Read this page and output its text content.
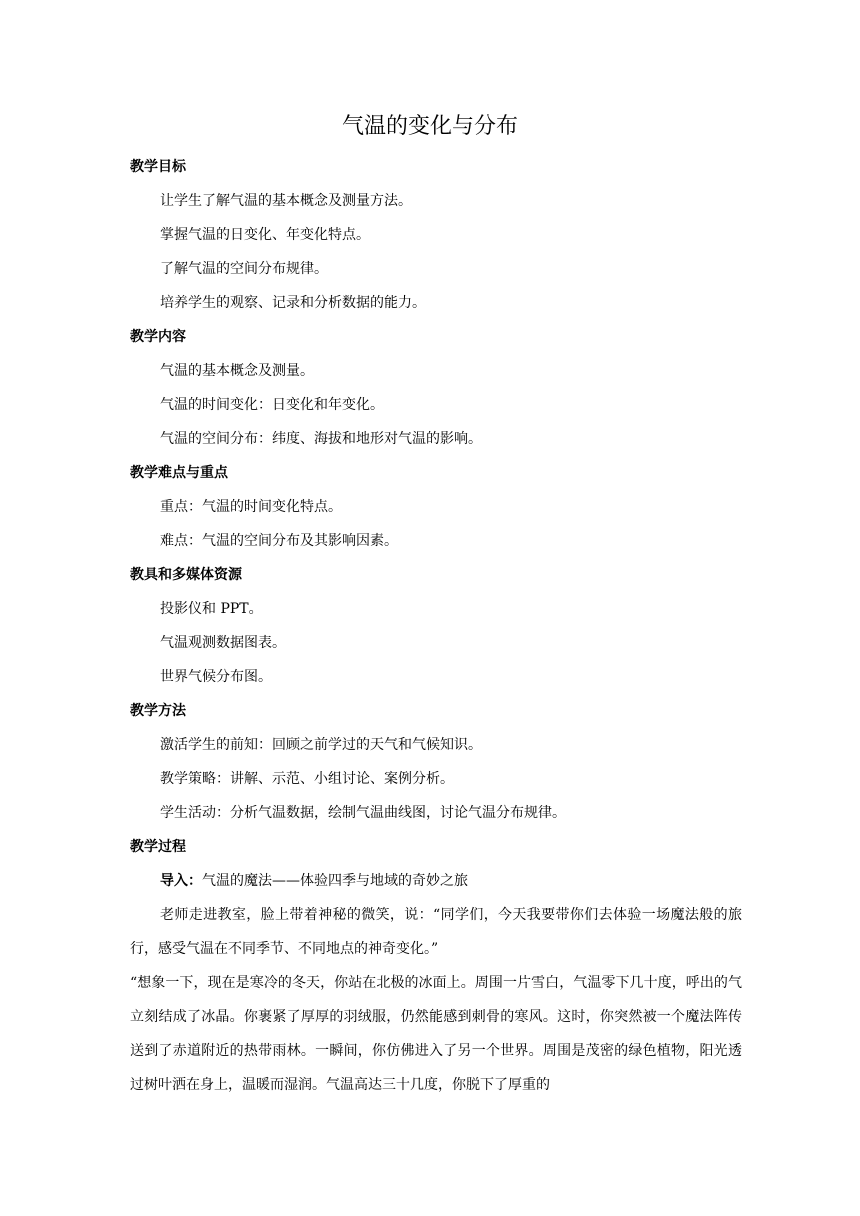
气温的变化与分布

教学目标

让学生了解气温的基本概念及测量方法。

掌握气温的日变化、年变化特点。

了解气温的空间分布规律。

培养学生的观察、记录和分析数据的能力。

教学内容

气温的基本概念及测量。

气温的时间变化：日变化和年变化。

气温的空间分布：纬度、海拔和地形对气温的影响。

教学难点与重点

重点：气温的时间变化特点。

难点：气温的空间分布及其影响因素。

教具和多媒体资源

投影仪和 PPT。

气温观测数据图表。

世界气候分布图。

教学方法

激活学生的前知：回顾之前学过的天气和气候知识。

教学策略：讲解、示范、小组讨论、案例分析。

学生活动：分析气温数据，绘制气温曲线图，讨论气温分布规律。

教学过程

导入：气温的魔法——体验四季与地域的奇妙之旅

老师走进教室，脸上带着神秘的微笑，说：“同学们，今天我要带你们去体验一场魔法般的旅行，感受气温在不同季节、不同地点的神奇变化。”

“想象一下，现在是寒冷的冬天，你站在北极的冰面上。周围一片雪白，气温零下几十度，呼出的气立刻结成了冰晶。你裹紧了厚厚的羽绒服，仍然能感到刺骨的寒风。这时，你突然被一个魔法阵传送到了赤道附近的热带雨林。一瞬间，你仿佛进入了另一个世界。周围是茂密的绿色植物，阳光透过树叶洒在身上，温暖而湿润。气温高达三十几度，你脱下了厚重的
